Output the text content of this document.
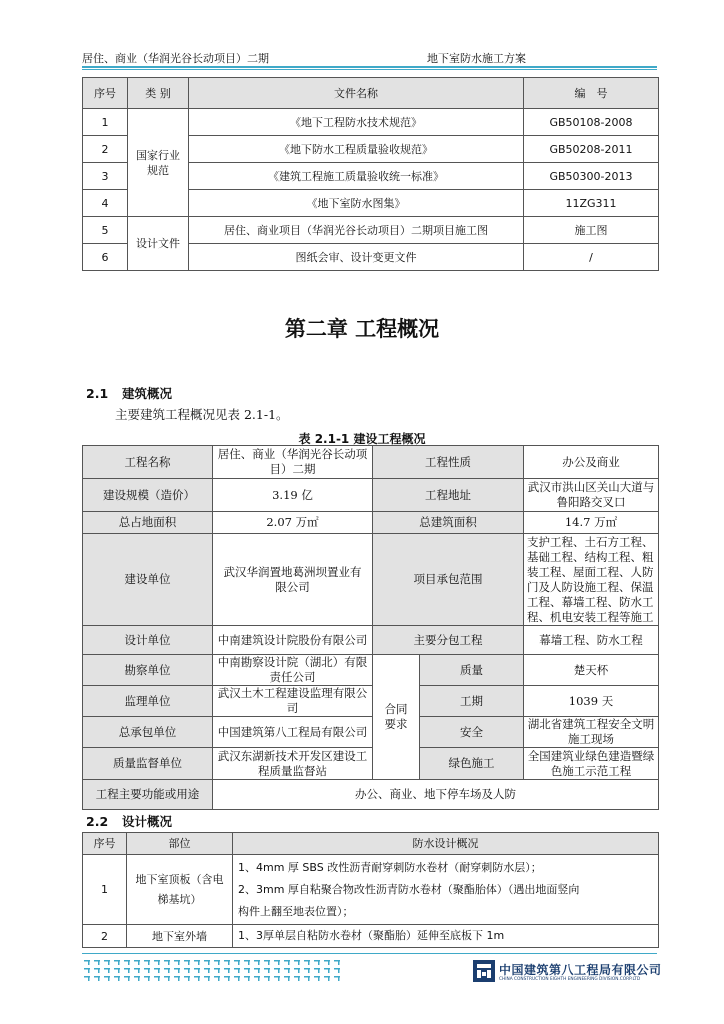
居住、商业（华润光谷长动项目）二期	地下室防水施工方案
序号	类 别	文件名称	编　号
1	国家行业规范	《地下工程防水技术规范》	GB50108-2008
2		《地下防水工程质量验收规范》	GB50208-2011
3		《建筑工程施工质量验收统一标准》	GB50300-2013
4		《地下室防水图集》	11ZG311
5	设计文件	居住、商业项目（华润光谷长动项目）二期项目施工图	施工图
6		图纸会审、设计变更文件	/
第二章 工程概况
2.1 建筑概况
主要建筑工程概况见表 2.1-1。
表 2.1-1 建设工程概况
工程名称	居住、商业（华润光谷长动项目）二期	工程性质		办公及商业
建设规模（造价）	3.19 亿	工程地址		武汉市洪山区关山大道与鲁阳路交叉口
总占地面积	2.07 万㎡	总建筑面积		14.7 万㎡
建设单位	武汉华润置地葛洲坝置业有限公司	项目承包范围		支护工程、土石方工程、基础工程、结构工程、粗装工程、屋面工程、人防门及人防设施工程、保温工程、幕墙工程、防水工程、机电安装工程等施工
设计单位	中南建筑设计院股份有限公司	主要分包工程		幕墙工程、防水工程
勘察单位	中南勘察设计院（湖北）有限责任公司	合同要求	质量	楚天杯
监理单位	武汉土木工程建设监理有限公司		工期	1039 天
总承包单位	中国建筑第八工程局有限公司		安全	湖北省建筑工程安全文明施工现场
质量监督单位	武汉东湖新技术开发区建设工程质量监督站		绿色施工	全国建筑业绿色建造暨绿色施工示范工程
工程主要功能或用途	办公、商业、地下停车场及人防			
2.2 设计概况
序号	部位	防水设计概况
1	地下室顶板（含电梯基坑）	1、4mm 厚 SBS 改性沥青耐穿刺防水卷材（耐穿刺防水层）；
2、3mm 厚自粘聚合物改性沥青防水卷材（聚酯胎体）（遇出地面竖向
构件上翻至地表位置）；

2	地下室外墙	1、3厚单层自粘防水卷材（聚酯胎）延伸至底板下 1m
中国建筑第八工程局有限公司
CHINA CONSTRUCTION EIGHTH ENGINEERING DIVISION.CORP.LTD
